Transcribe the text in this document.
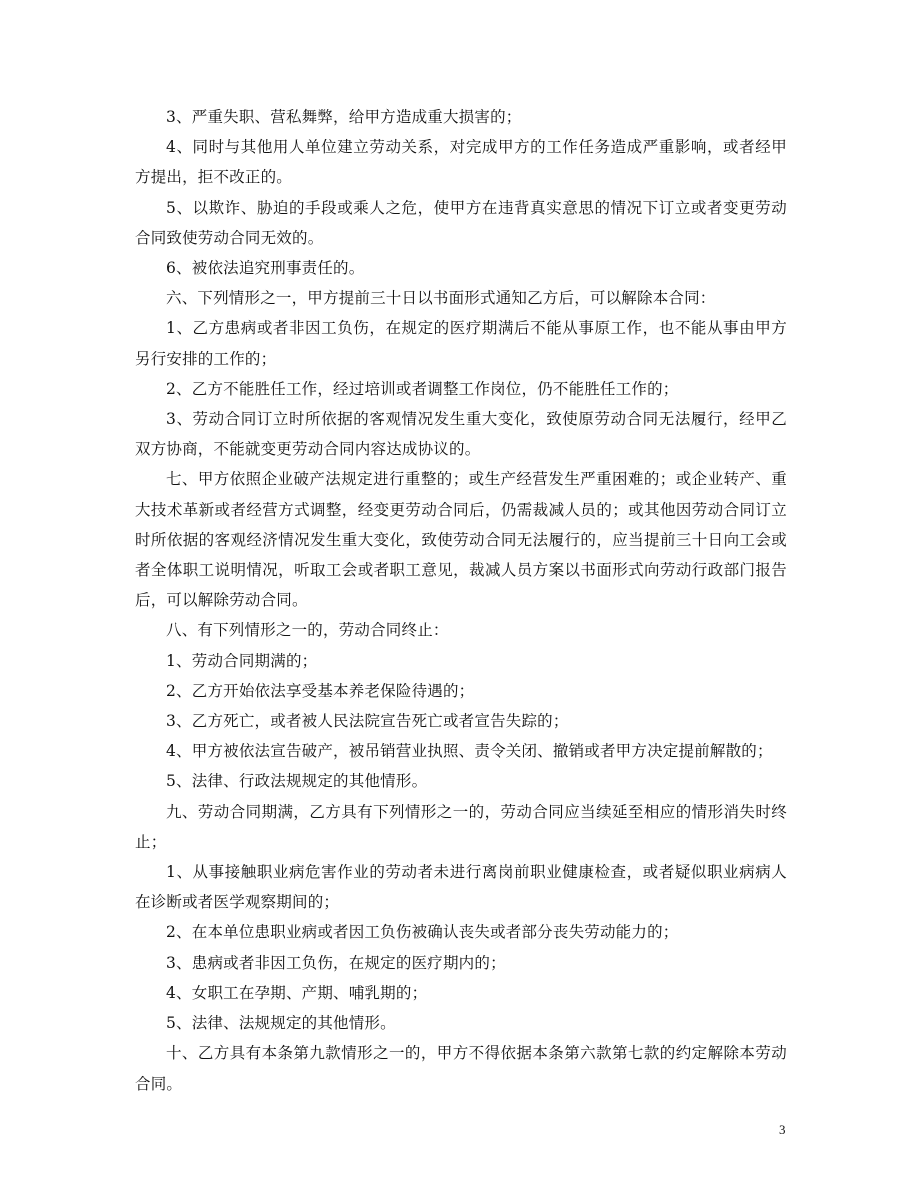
3、严重失职、营私舞弊，给甲方造成重大损害的；

4、同时与其他用人单位建立劳动关系，对完成甲方的工作任务造成严重影响，或者经甲方提出，拒不改正的。

5、以欺诈、胁迫的手段或乘人之危，使甲方在违背真实意思的情况下订立或者变更劳动合同致使劳动合同无效的。

6、被依法追究刑事责任的。

六、下列情形之一，甲方提前三十日以书面形式通知乙方后，可以解除本合同：

1、乙方患病或者非因工负伤，在规定的医疗期满后不能从事原工作，也不能从事由甲方另行安排的工作的；

2、乙方不能胜任工作，经过培训或者调整工作岗位，仍不能胜任工作的；

3、劳动合同订立时所依据的客观情况发生重大变化，致使原劳动合同无法履行，经甲乙双方协商，不能就变更劳动合同内容达成协议的。

七、甲方依照企业破产法规定进行重整的；或生产经营发生严重困难的；或企业转产、重大技术革新或者经营方式调整，经变更劳动合同后，仍需裁减人员的；或其他因劳动合同订立时所依据的客观经济情况发生重大变化，致使劳动合同无法履行的，应当提前三十日向工会或者全体职工说明情况，听取工会或者职工意见，裁减人员方案以书面形式向劳动行政部门报告后，可以解除劳动合同。

八、有下列情形之一的，劳动合同终止：

1、劳动合同期满的；

2、乙方开始依法享受基本养老保险待遇的；

3、乙方死亡，或者被人民法院宣告死亡或者宣告失踪的；

4、甲方被依法宣告破产，被吊销营业执照、责令关闭、撤销或者甲方决定提前解散的；

5、法律、行政法规规定的其他情形。

九、劳动合同期满，乙方具有下列情形之一的，劳动合同应当续延至相应的情形消失时终止；

1、从事接触职业病危害作业的劳动者未进行离岗前职业健康检查，或者疑似职业病病人在诊断或者医学观察期间的；

2、在本单位患职业病或者因工负伤被确认丧失或者部分丧失劳动能力的；

3、患病或者非因工负伤，在规定的医疗期内的；

4、女职工在孕期、产期、哺乳期的；

5、法律、法规规定的其他情形。

十、乙方具有本条第九款情形之一的，甲方不得依据本条第六款第七款的约定解除本劳动合同。

3
